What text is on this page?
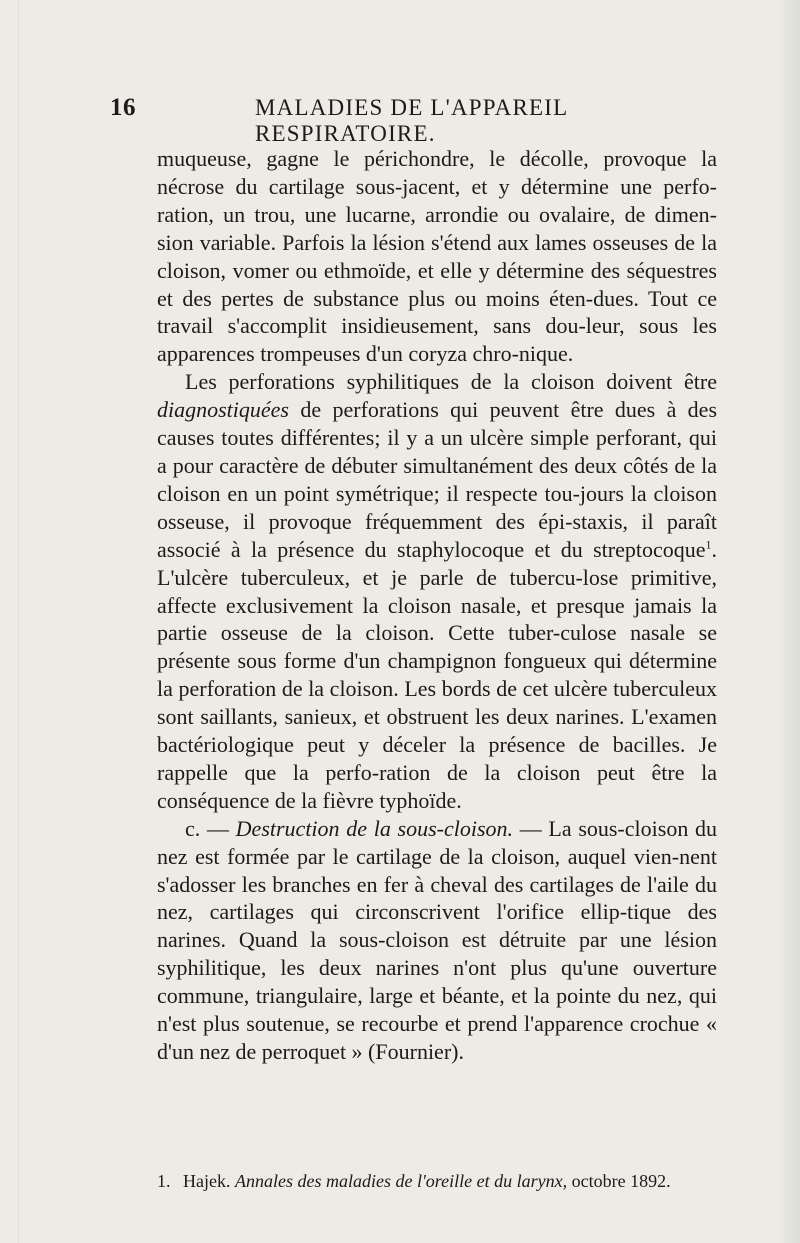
16	MALADIES DE L'APPAREIL RESPIRATOIRE.

muqueuse, gagne le périchondre, le décolle, provoque la nécrose du cartilage sous-jacent, et y détermine une perfo-ration, un trou, une lucarne, arrondie ou ovalaire, de dimen-sion variable. Parfois la lésion s'étend aux lames osseuses de la cloison, vomer ou ethmoïde, et elle y détermine des séquestres et des pertes de substance plus ou moins éten-dues. Tout ce travail s'accomplit insidieusement, sans dou-leur, sous les apparences trompeuses d'un coryza chro-nique.

Les perforations syphilitiques de la cloison doivent être diagnostiquées de perforations qui peuvent être dues à des causes toutes différentes; il y a un ulcère simple perforant, qui a pour caractère de débuter simultanément des deux côtés de la cloison en un point symétrique; il respecte tou-jours la cloison osseuse, il provoque fréquemment des épi-staxis, il paraît associé à la présence du staphylocoque et du streptocoque$^1$. L'ulcère tuberculeux, et je parle de tubercu-lose primitive, affecte exclusivement la cloison nasale, et presque jamais la partie osseuse de la cloison. Cette tuber-culose nasale se présente sous forme d'un champignon fongueux qui détermine la perforation de la cloison. Les bords de cet ulcère tuberculeux sont saillants, sanieux, et obstruent les deux narines. L'examen bactériologique peut y déceler la présence de bacilles. Je rappelle que la perfo-ration de la cloison peut être la conséquence de la fièvre typhoïde.

c. — Destruction de la sous-cloison. — La sous-cloison du nez est formée par le cartilage de la cloison, auquel vien-nent s'adosser les branches en fer à cheval des cartilages de l'aile du nez, cartilages qui circonscrivent l'orifice ellip-tique des narines. Quand la sous-cloison est détruite par une lésion syphilitique, les deux narines n'ont plus qu'une ouverture commune, triangulaire, large et béante, et la pointe du nez, qui n'est plus soutenue, se recourbe et prend l'apparence crochue « d'un nez de perroquet » (Fournier).

1. Hajek. Annales des maladies de l'oreille et du larynx, octobre 1892.
